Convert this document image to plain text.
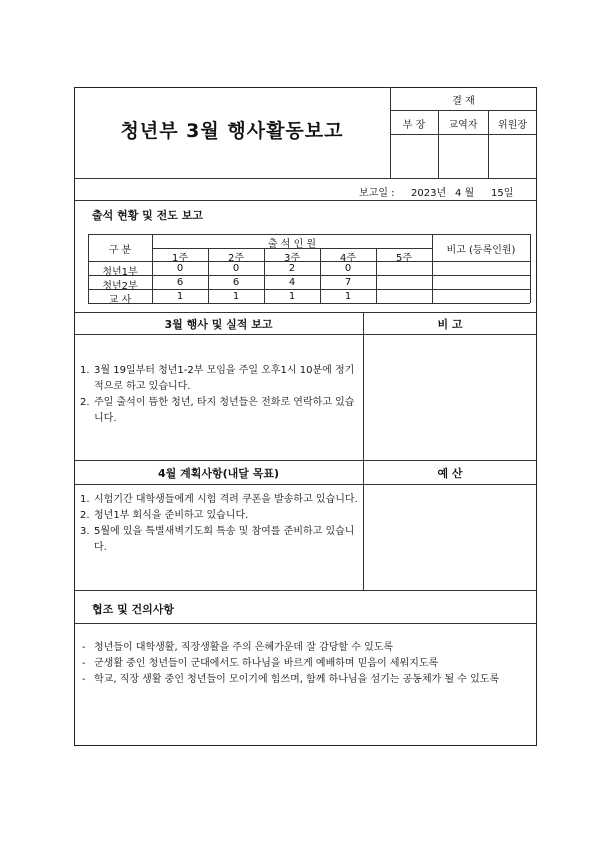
청년부 3월 행사활동보고
결 재
부 장	교역자	위원장
보고일 : 2023년 4 월 15일
출석 현황 및 전도 보고
구 분
출 석 인 원
비고 (등록인원)
1주	2주	3주	4주	5주
청년1부	0	0	2	0
청년2부	6	6	4	7
교 사	1	1	1	1
3월 행사 및 실적 보고	비 고
1. 3월 19일부터 청년1-2부 모임을 주일 오후1시 10분에 정기적으로 하고 있습니다.
2. 주일 출석이 뜸한 청년, 타지 청년들은 전화로 연락하고 있습니다.
4월 계획사항(내달 목표)	예 산
1. 시험기간 대학생들에게 시험 격려 쿠폰을 발송하고 있습니다.
2. 청년1부 회식을 준비하고 있습니다.
3. 5월에 있을 특별새벽기도회 특송 및 참여를 준비하고 있습니다.
협조 및 건의사항
- 청년들이 대학생활, 직장생활을 주의 은혜가운데 잘 감당할 수 있도록
- 군생활 중인 청년들이 군대에서도 하나님을 바르게 예배하며 믿음이 세워지도록
- 학교, 직장 생활 중인 청년들이 모이기에 힘쓰며, 함께 하나님을 섬기는 공동체가 될 수 있도록
